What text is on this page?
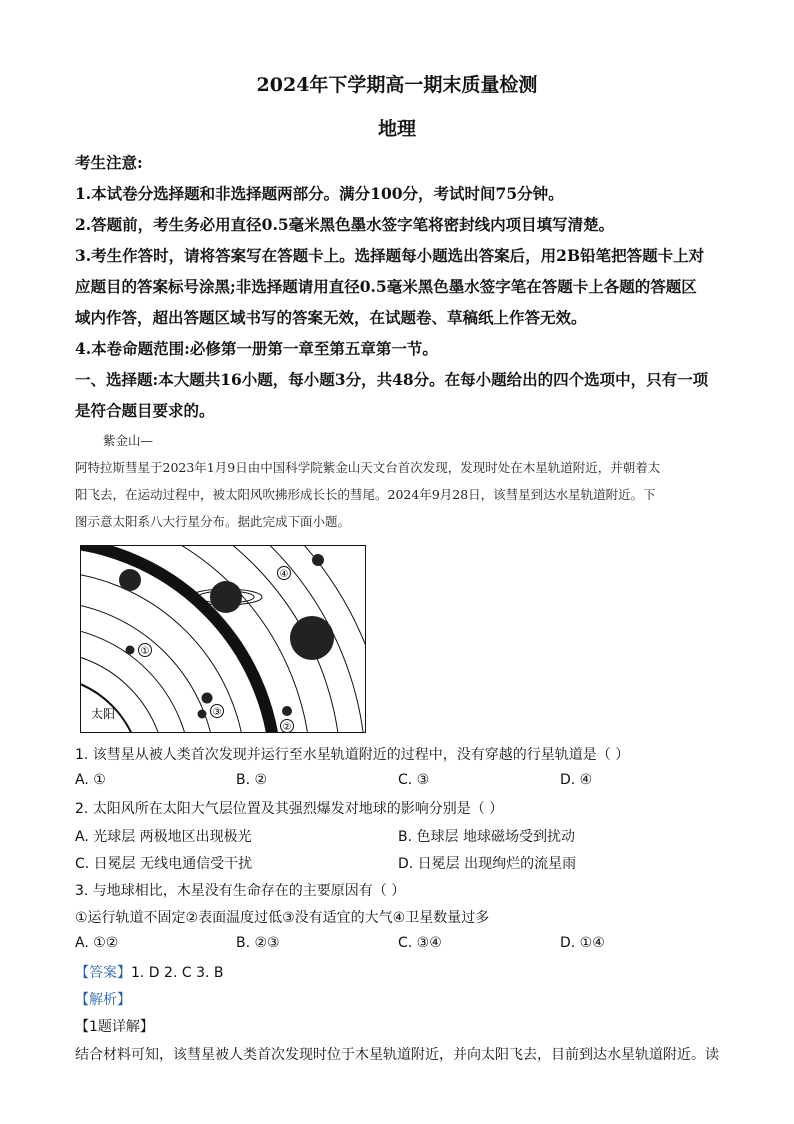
2024年下学期高一期末质量检测
地理
考生注意:
1.本试卷分选择题和非选择题两部分。满分100分，考试时间75分钟。
2.答题前，考生务必用直径0.5毫米黑色墨水签字笔将密封线内项目填写清楚。
3.考生作答时，请将答案写在答题卡上。选择题每小题选出答案后，用2B铅笔把答题卡上对
应题目的答案标号涂黑;非选择题请用直径0.5毫米黑色墨水签字笔在答题卡上各题的答题区
域内作答，超出答题区域书写的答案无效，在试题卷、草稿纸上作答无效。
4.本卷命题范围:必修第一册第一章至第五章第一节。
一、选择题:本大题共16小题，每小题3分，共48分。在每小题给出的四个选项中，只有一项
是符合题目要求的。
紫金山—
阿特拉斯彗星于2023年1月9日由中国科学院紫金山天文台首次发现，发现时处在木星轨道附近，并朝着太
阳飞去，在运动过程中，被太阳风吹拂形成长长的彗尾。2024年9月28日，该彗星到达水星轨道附近。下
图示意太阳系八大行星分布。据此完成下面小题。
①
②
③
④
太阳
1. 该彗星从被人类首次发现并运行至水星轨道附近的过程中，没有穿越的行星轨道是（ ）
A. ①	B. ②	C. ③	D. ④
2. 太阳风所在太阳大气层位置及其强烈爆发对地球的影响分别是（ ）
A. 光球层 两极地区出现极光	B. 色球层 地球磁场受到扰动
C. 日冕层 无线电通信受干扰	D. 日冕层 出现绚烂的流星雨
3. 与地球相比，木星没有生命存在的主要原因有（ ）
①运行轨道不固定②表面温度过低③没有适宜的大气④卫星数量过多
A. ①②	B. ②③	C. ③④	D. ①④
【答案】1. D 2. C 3. B
【解析】
【1题详解】
结合材料可知，该彗星被人类首次发现时位于木星轨道附近，并向太阳飞去，目前到达水星轨道附近。读
